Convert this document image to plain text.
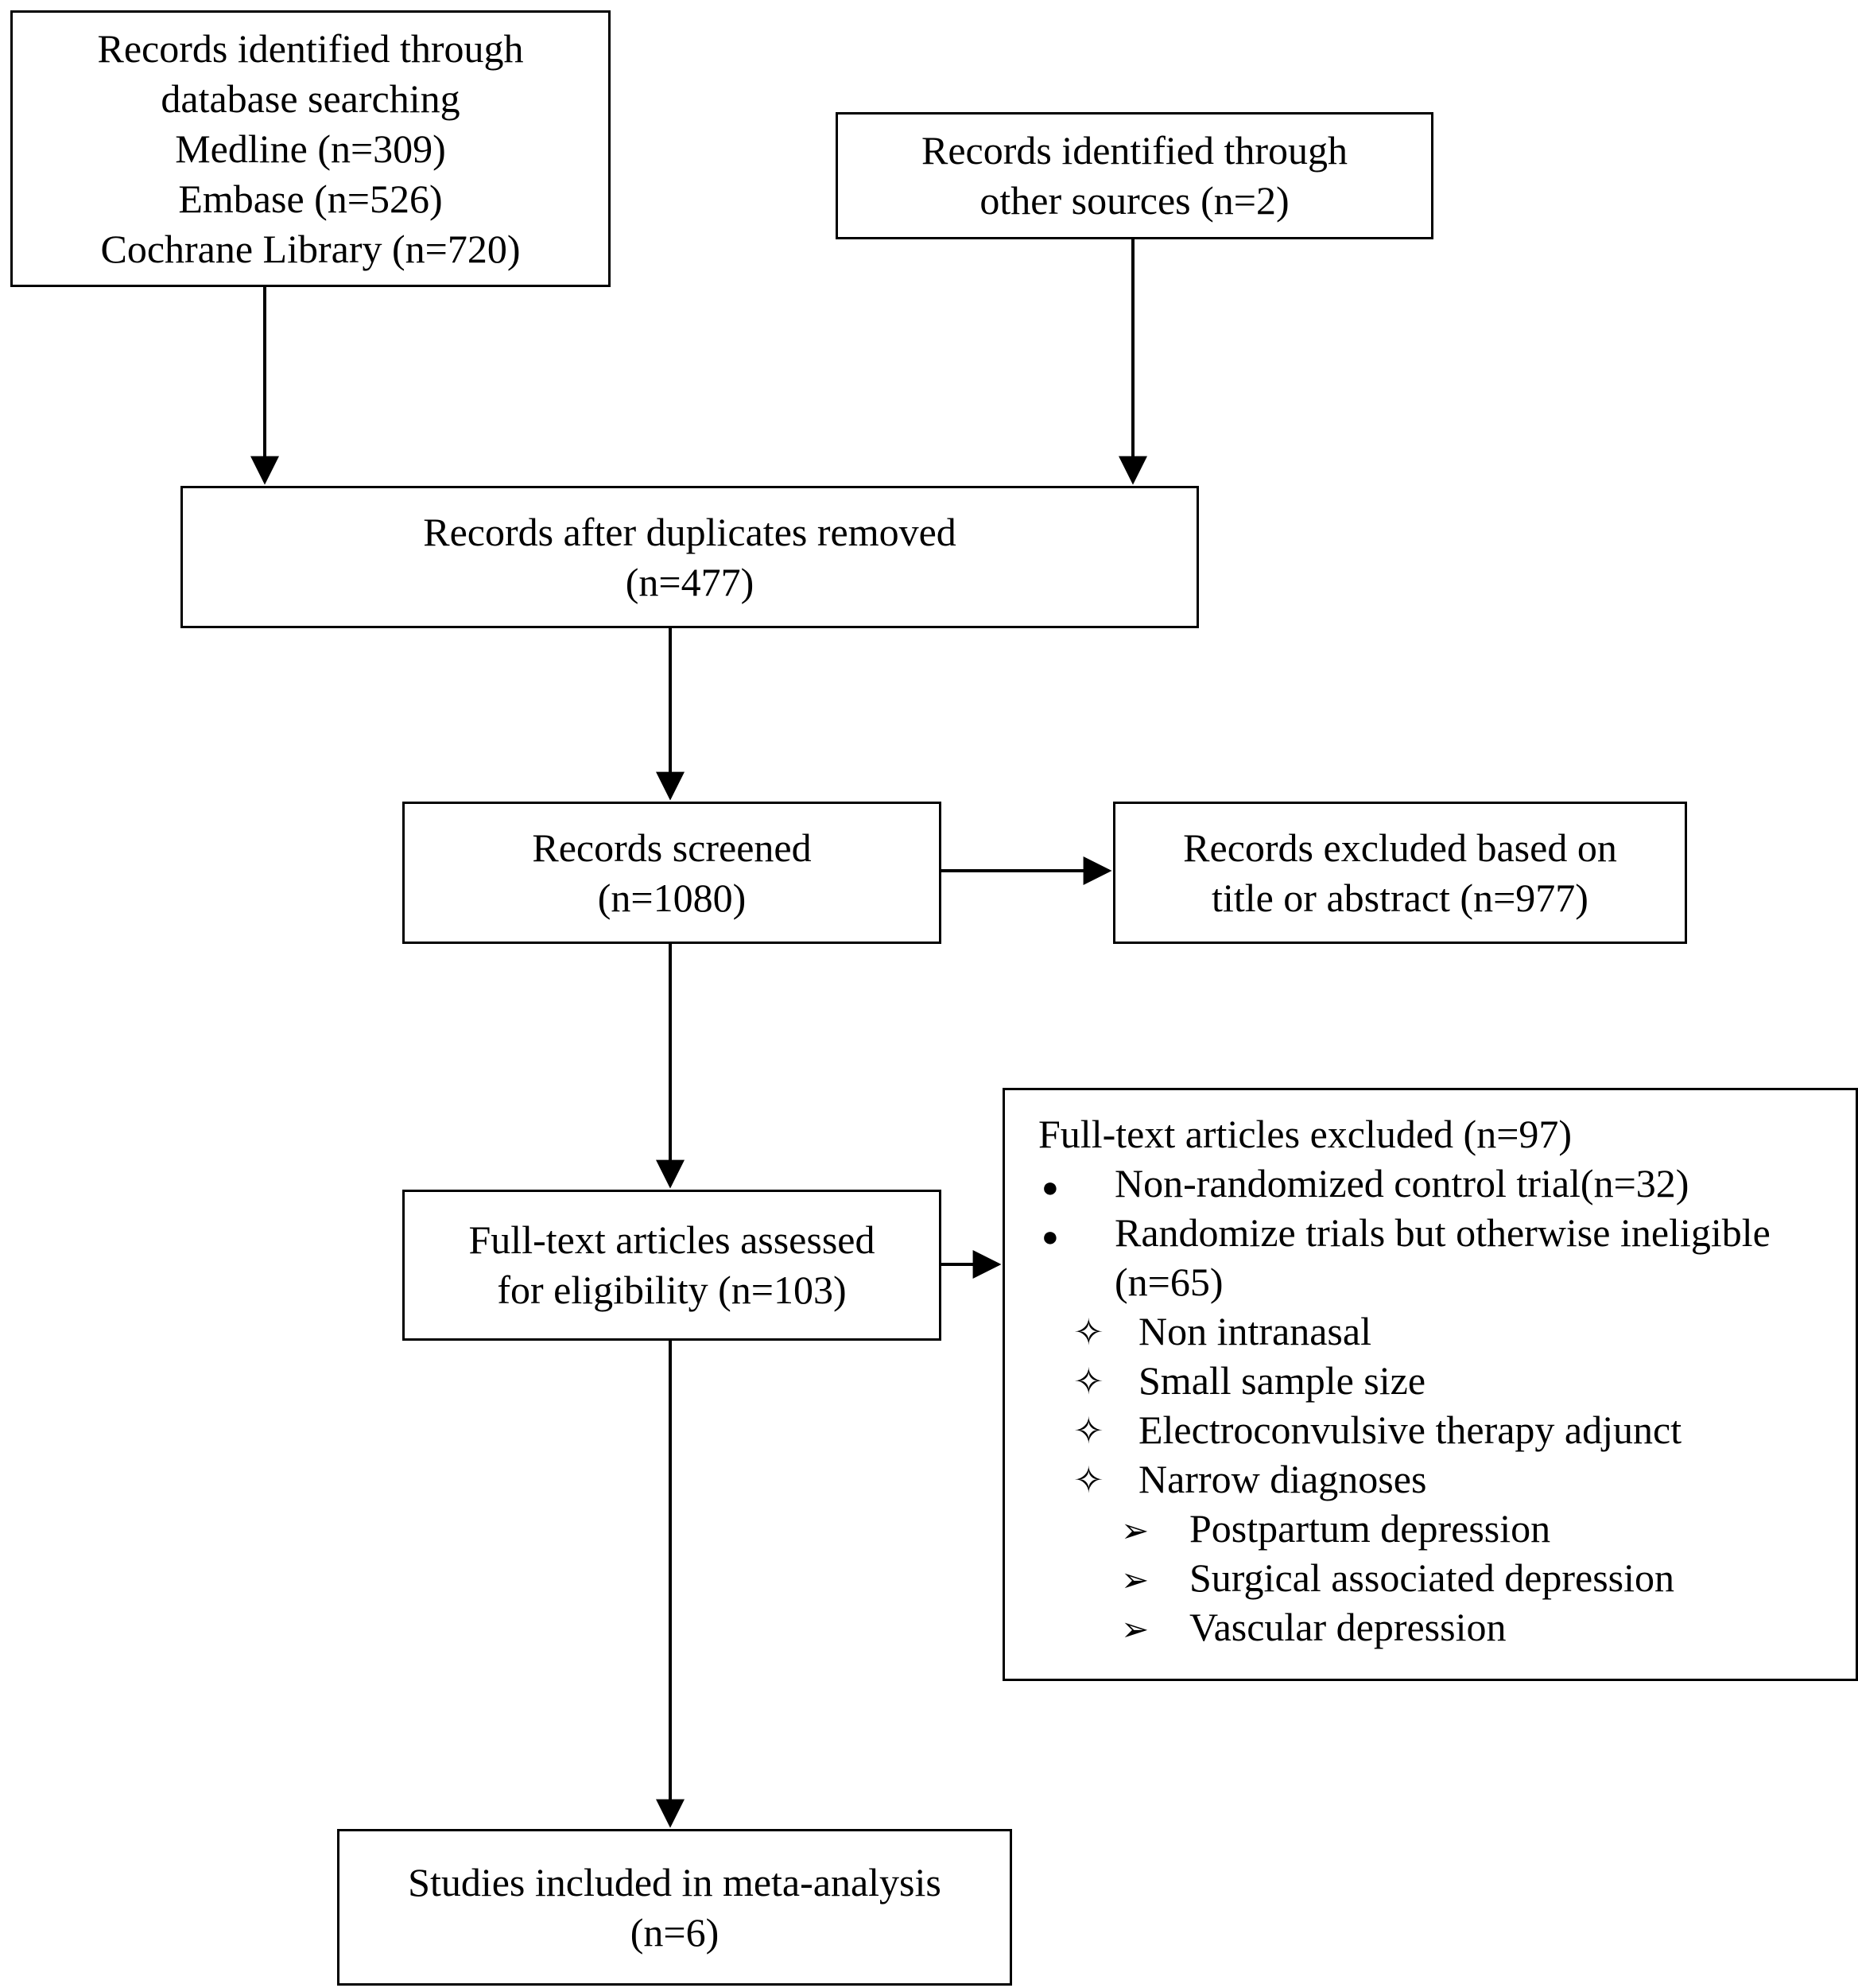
Records identified through
database searching
Medline (n=309)
Embase (n=526)
Cochrane Library (n=720)
Records identified through
other sources (n=2)
Records after duplicates removed
(n=477)
Records screened
(n=1080)
Records excluded based on
title or abstract (n=977)
Full-text articles assessed
for eligibility (n=103)
Full-text articles excluded (n=97)
●	Non-randomized control trial(n=32)
●	Randomize trials but otherwise ineligible (n=65)
✧ Non intranasal
✧ Small sample size
✧ Electroconvulsive therapy adjunct
✧ Narrow diagnoses
➢	Postpartum depression
➢	Surgical associated depression
➢	Vascular depression
Studies included in meta-analysis
(n=6)
